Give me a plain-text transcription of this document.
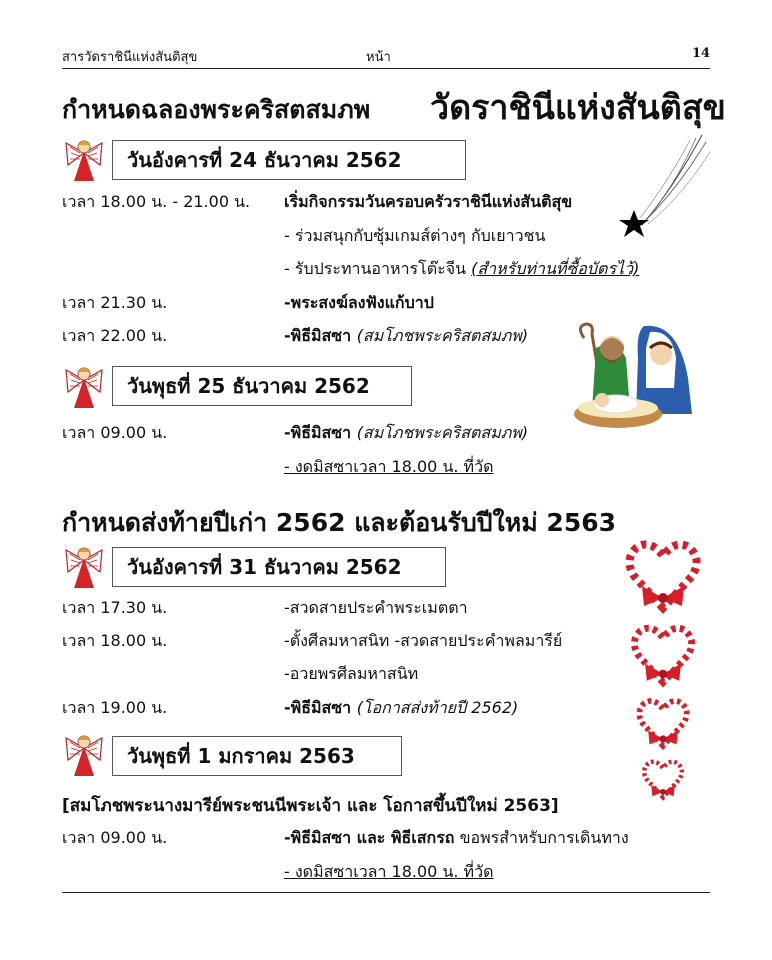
สารวัดราชินีแห่งสันติสุข	หน้า	14
กำหนดฉลองพระคริสตสมภพ วัดราชินีแห่งสันติสุข
วันอังคารที่ 24 ธันวาคม 2562
เวลา 18.00 น. - 21.00 น. เริ่มกิจกรรมวันครอบครัวราชินีแห่งสันติสุข
- ร่วมสนุกกับซุ้มเกมส์ต่างๆ กับเยาวชน
- รับประทานอาหารโต๊ะจีน (สำหรับท่านที่ซื้อบัตรไว้)
เวลา 21.30 น.	-พระสงฆ์ลงฟังแก้บาป
เวลา 22.00 น.	-พิธีมิสซา (สมโภชพระคริสตสมภพ)
วันพุธที่ 25 ธันวาคม 2562
เวลา 09.00 น.	-พิธีมิสซา (สมโภชพระคริสตสมภพ)
- งดมิสซาเวลา 18.00 น. ที่วัด
กำหนดส่งท้ายปีเก่า 2562 และต้อนรับปีใหม่ 2563
วันอังคารที่ 31 ธันวาคม 2562
เวลา 17.30 น.	-สวดสายประคำพระเมตตา
เวลา 18.00 น.	-ตั้งศีลมหาสนิท -สวดสายประคำพลมารีย์
-อวยพรศีลมหาสนิท
เวลา 19.00 น.	-พิธีมิสซา (โอกาสส่งท้ายปี 2562)
วันพุธที่ 1 มกราคม 2563
[สมโภชพระนางมารีย์พระชนนีพระเจ้า และ โอกาสขึ้นปีใหม่ 2563]
เวลา 09.00 น.	-พิธีมิสซา และ พิธีเสกรถ ขอพรสำหรับการเดินทาง
- งดมิสซาเวลา 18.00 น. ที่วัด
